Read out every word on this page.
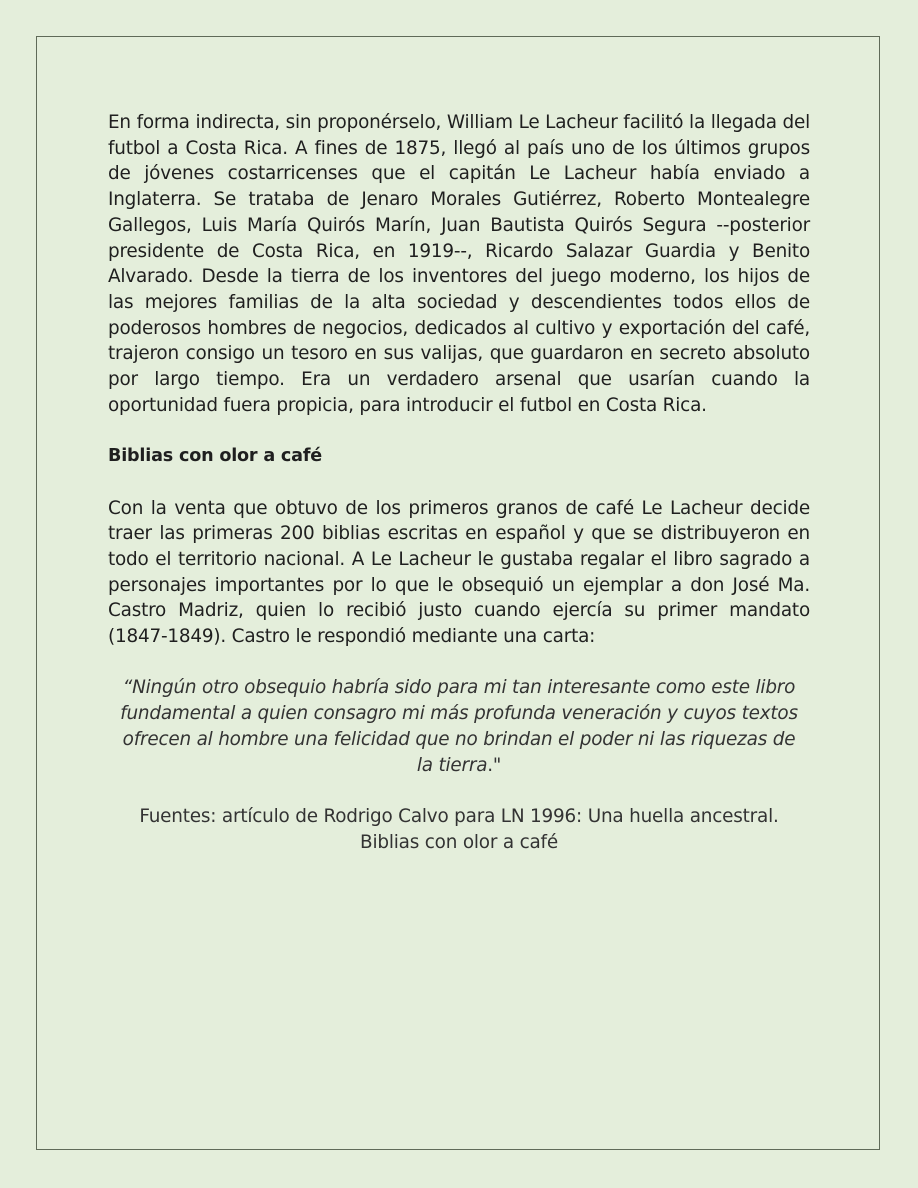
En forma indirecta, sin proponérselo, William Le Lacheur facilitó la llegada del futbol a Costa Rica. A fines de 1875, llegó al país uno de los últimos grupos de jóvenes costarricenses que el capitán Le Lacheur había enviado a Inglaterra. Se trataba de Jenaro Morales Gutiérrez, Roberto Montealegre Gallegos, Luis María Quirós Marín, Juan Bautista Quirós Segura --posterior presidente de Costa Rica, en 1919--, Ricardo Salazar Guardia y Benito Alvarado. Desde la tierra de los inventores del juego moderno, los hijos de las mejores familias de la alta sociedad y descendientes todos ellos de poderosos hombres de negocios, dedicados al cultivo y exportación del café, trajeron consigo un tesoro en sus valijas, que guardaron en secreto absoluto por largo tiempo. Era un verdadero arsenal que usarían cuando la oportunidad fuera propicia, para introducir el futbol en Costa Rica.

Biblias con olor a café

Con la venta que obtuvo de los primeros granos de café Le Lacheur decide traer las primeras 200 biblias escritas en español y que se distribuyeron en todo el territorio nacional. A Le Lacheur le gustaba regalar el libro sagrado a personajes importantes por lo que le obsequió un ejemplar a don José Ma. Castro Madriz, quien lo recibió justo cuando ejercía su primer mandato (1847-1849). Castro le respondió mediante una carta:

“Ningún otro obsequio habría sido para mi tan interesante como este libro fundamental a quien consagro mi más profunda veneración y cuyos textos ofrecen al hombre una felicidad que no brindan el poder ni las riquezas de la tierra."

Fuentes: artículo de Rodrigo Calvo para LN 1996: Una huella ancestral. Biblias con olor a café
